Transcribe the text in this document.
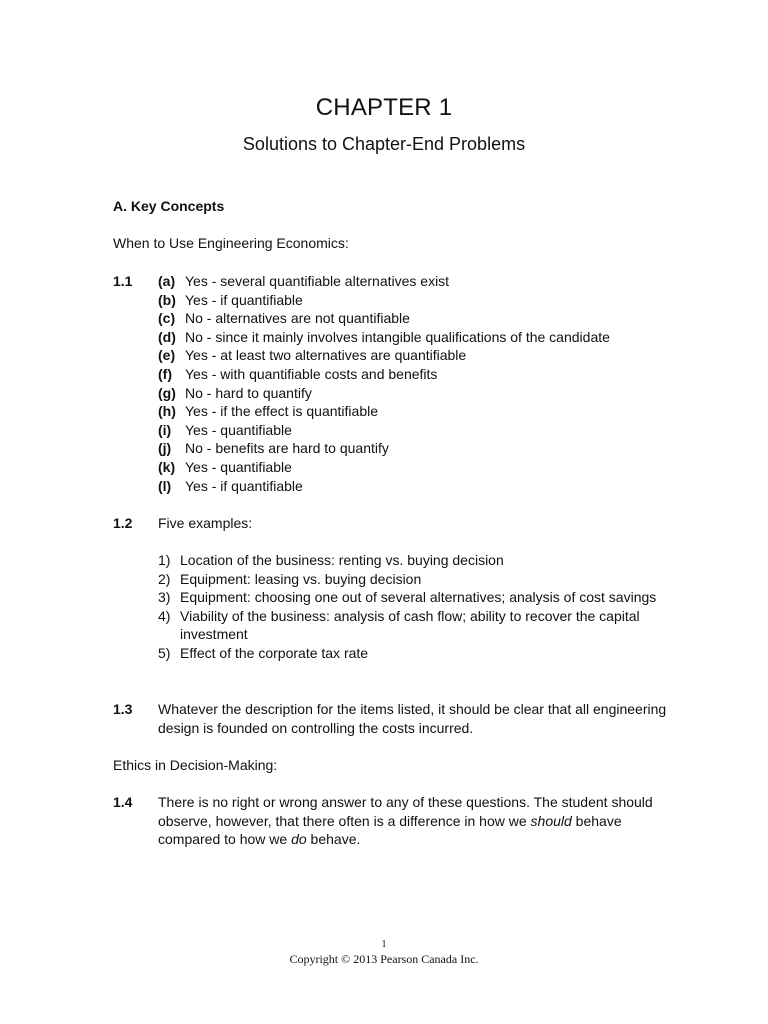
CHAPTER 1
Solutions to Chapter-End Problems
A. Key Concepts
When to Use Engineering Economics:
1.1 (a) Yes - several quantifiable alternatives exist
(b) Yes - if quantifiable
(c) No - alternatives are not quantifiable
(d) No - since it mainly involves intangible qualifications of the candidate
(e) Yes - at least two alternatives are quantifiable
(f) Yes - with quantifiable costs and benefits
(g) No - hard to quantify
(h) Yes - if the effect is quantifiable
(i) Yes - quantifiable
(j) No - benefits are hard to quantify
(k) Yes - quantifiable
(l) Yes - if quantifiable
1.2 Five examples:
1) Location of the business: renting vs. buying decision
2) Equipment: leasing vs. buying decision
3) Equipment: choosing one out of several alternatives; analysis of cost savings
4) Viability of the business: analysis of cash flow; ability to recover the capital investment
5) Effect of the corporate tax rate
1.3 Whatever the description for the items listed, it should be clear that all engineering design is founded on controlling the costs incurred.
Ethics in Decision-Making:
1.4 There is no right or wrong answer to any of these questions. The student should observe, however, that there often is a difference in how we should behave compared to how we do behave.
1
Copyright © 2013 Pearson Canada Inc.
